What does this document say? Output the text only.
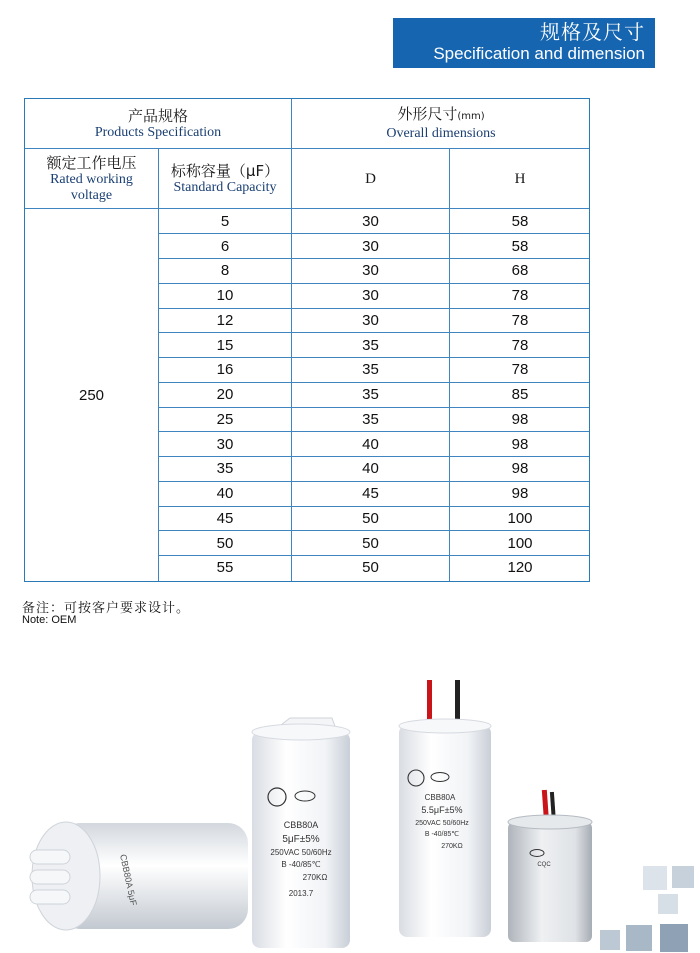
规格及尺寸
Specification and dimension
产品规格
Products Specification
外形尺寸(mm)
Overall dimensions
额定工作电压
Rated working
voltage
标称容量（μF）
Standard Capacity
D	H
250
5	30	58
6	30	58
8	30	68
10	30	78
12	30	78
15	35	78
16	35	78
20	35	85
25	35	98
30	40	98
35	40	98
40	45	98
45	50	100
50	50	100
55	50	120
备注：可按客户要求设计。
Note: OEM
CBB80A 5μF
CBB80A
5μF±5%
250VAC 50/60Hz
B -40/85℃
270KΩ
2013.7
CBB80A
5.5μF±5%
250VAC 50/60Hz
B -40/85℃
270KΩ
CQC
